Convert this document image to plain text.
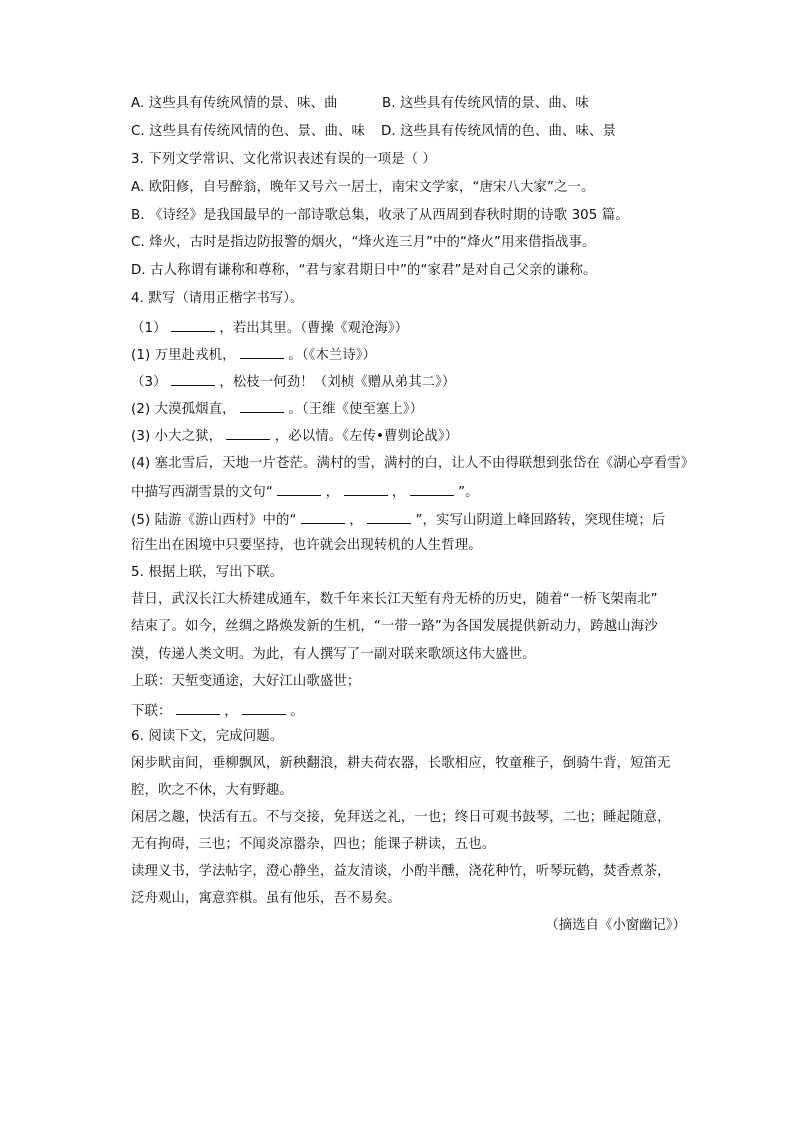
A. 这些具有传统风情的景、味、曲	B. 这些具有传统风情的景、曲、味
C. 这些具有传统风情的色、景、曲、味 D. 这些具有传统风情的色、曲、味、景
3. 下列文学常识、文化常识表述有误的一项是（ ）
A. 欧阳修，自号醉翁，晚年又号六一居士，南宋文学家，“唐宋八大家”之一。
B. 《诗经》是我国最早的一部诗歌总集，收录了从西周到春秋时期的诗歌 305 篇。
C. 烽火，古时是指边防报警的烟火，“烽火连三月”中的“烽火”用来借指战事。
D. 古人称谓有谦称和尊称，“君与家君期日中”的“家君”是对自己父亲的谦称。
4. 默写（请用正楷字书写）。
（1）	，若出其里。（曹操《观沧海》）
(1) 万里赴戎机，	。（《木兰诗》）
（3）	，松枝一何劲！（刘桢《赠从弟其二》）
(2) 大漠孤烟直，	。（王维《使至塞上》）
(3) 小大之狱，	，必以情。《左传•曹刿论战》）
(4) 塞北雪后，天地一片苍茫。满村的雪，满村的白，让人不由得联想到张岱在《湖心亭看雪》
中描写西湖雪景的文句“	，	，	”。
(5) 陆游《游山西村》中的“	，	”，实写山阴道上峰回路转，突现佳境；后
衍生出在困境中只要坚持，也许就会出现转机的人生哲理。
5. 根据上联，写出下联。
昔日，武汉长江大桥建成通车，数千年来长江天堑有舟无桥的历史，随着“一桥飞架南北”
结束了。如今，丝绸之路焕发新的生机，“一带一路”为各国发展提供新动力，跨越山海沙
漠，传递人类文明。为此，有人撰写了一副对联来歌颂这伟大盛世。
上联：天堑变通途，大好江山歌盛世；
下联：	，	。
6. 阅读下文，完成问题。
闲步畎亩间，垂柳飘风，新秧翻浪，耕夫荷农器，长歌相应，牧童稚子，倒骑牛背，短笛无
腔，吹之不休，大有野趣。
闲居之趣，快活有五。不与交接，免拜送之礼，一也；终日可观书鼓琴，二也；睡起随意，
无有拘碍，三也；不闻炎凉嚣杂，四也；能课子耕读，五也。
读理义书，学法帖字，澄心静坐，益友清谈，小酌半醺，浇花种竹，听琴玩鹤，焚香煮茶，
泛舟观山，寓意弈棋。虽有他乐，吾不易矣。
（摘选自《小窗幽记》）
